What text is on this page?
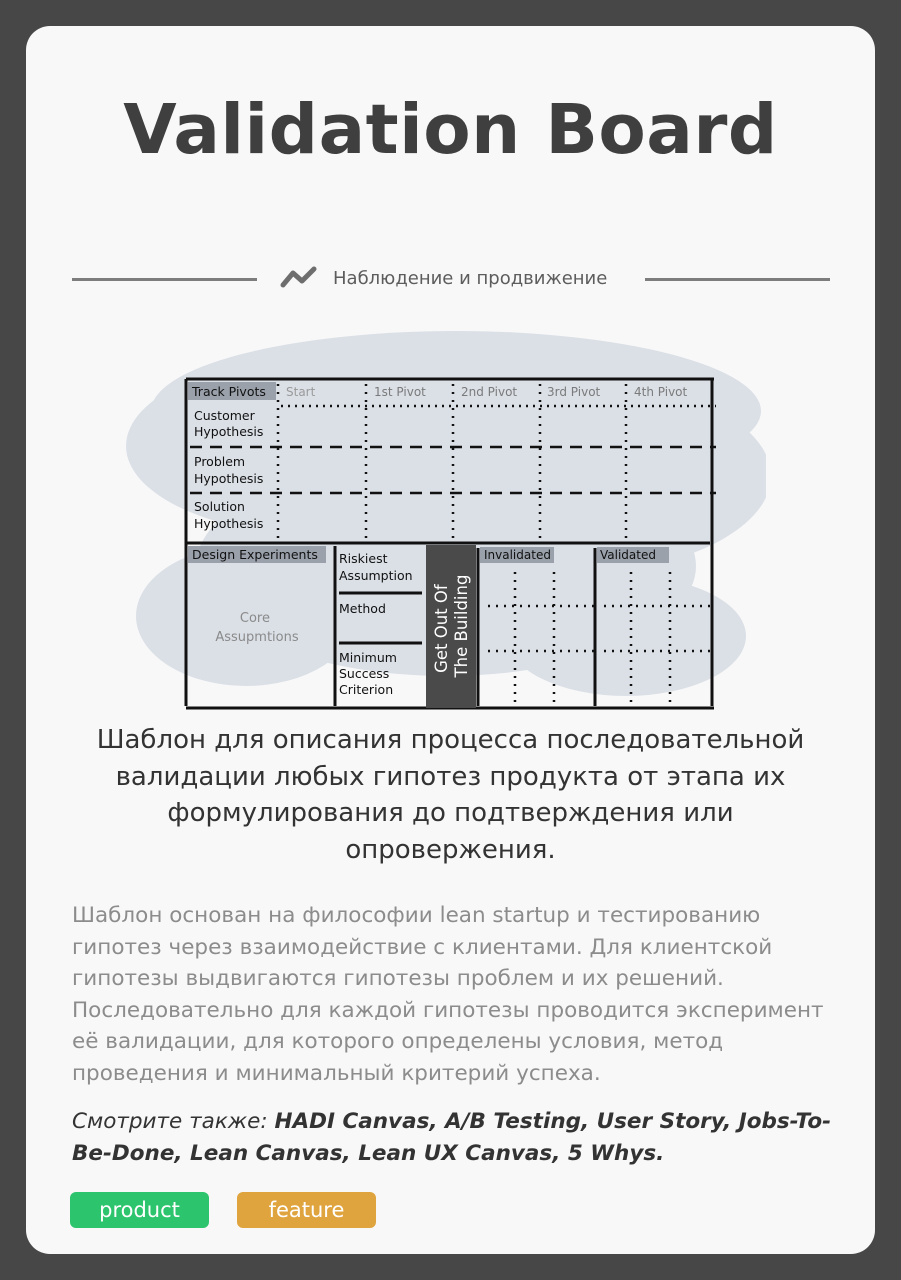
Validation Board
Наблюдение и продвижение
Track Pivots Start	1st Pivot	2nd Pivot 3rd Pivot	4th Pivot
Customer Hypothesis
Problem Hypothesis
Solution Hypothesis
Design Experiments
Core Assupmtions
Riskiest Assumption
Method
Minimum Success Criterion
Get Out Of The Building
Invalidated	Validated
Шаблон для описания процесса последовательной валидации любых гипотез продукта от этапа их формулирования до подтверждения или опровержения.
Шаблон основан на философии lean startup и тестированию гипотез через взаимодействие с клиентами. Для клиентской гипотезы выдвигаются гипотезы проблем и их решений. Последовательно для каждой гипотезы проводится эксперимент её валидации, для которого определены условия, метод проведения и минимальный критерий успеха.
Смотрите также: HADI Canvas, A/B Testing, User Story, Jobs-To-Be-Done, Lean Canvas, Lean UX Canvas, 5 Whys.
product	feature
